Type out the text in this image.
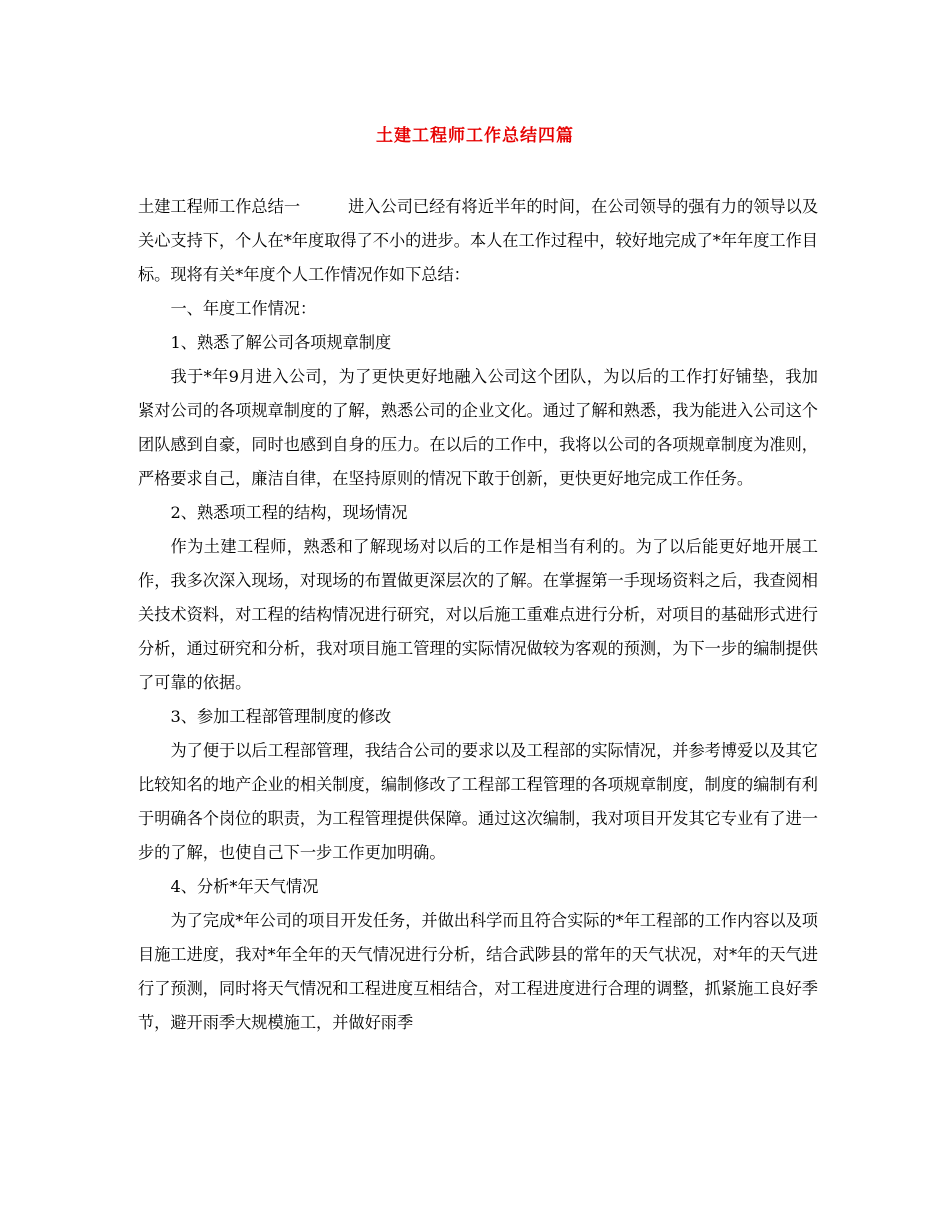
土建工程师工作总结四篇

土建工程师工作总结一	进入公司已经有将近半年的时间，在公司领导的强有力的领导以及关心支持下，个人在*年度取得了不小的进步。本人在工作过程中，较好地完成了*年年度工作目标。现将有关*年度个人工作情况作如下总结：

一、年度工作情况：

1、熟悉了解公司各项规章制度

我于*年9月进入公司，为了更快更好地融入公司这个团队，为以后的工作打好铺垫，我加紧对公司的各项规章制度的了解，熟悉公司的企业文化。通过了解和熟悉，我为能进入公司这个团队感到自豪，同时也感到自身的压力。在以后的工作中，我将以公司的各项规章制度为准则，严格要求自己，廉洁自律，在坚持原则的情况下敢于创新，更快更好地完成工作任务。

2、熟悉项工程的结构，现场情况

作为土建工程师，熟悉和了解现场对以后的工作是相当有利的。为了以后能更好地开展工作，我多次深入现场，对现场的布置做更深层次的了解。在掌握第一手现场资料之后，我查阅相关技术资料，对工程的结构情况进行研究，对以后施工重难点进行分析，对项目的基础形式进行分析，通过研究和分析，我对项目施工管理的实际情况做较为客观的预测，为下一步的编制提供了可靠的依据。

3、参加工程部管理制度的修改

为了便于以后工程部管理，我结合公司的要求以及工程部的实际情况，并参考博爱以及其它比较知名的地产企业的相关制度，编制修改了工程部工程管理的各项规章制度，制度的编制有利于明确各个岗位的职责，为工程管理提供保障。通过这次编制，我对项目开发其它专业有了进一步的了解，也使自己下一步工作更加明确。

4、分析*年天气情况

为了完成*年公司的项目开发任务，并做出科学而且符合实际的*年工程部的工作内容以及项目施工进度，我对*年全年的天气情况进行分析，结合武陟县的常年的天气状况，对*年的天气进行了预测，同时将天气情况和工程进度互相结合，对工程进度进行合理的调整，抓紧施工良好季节，避开雨季大规模施工，并做好雨季
